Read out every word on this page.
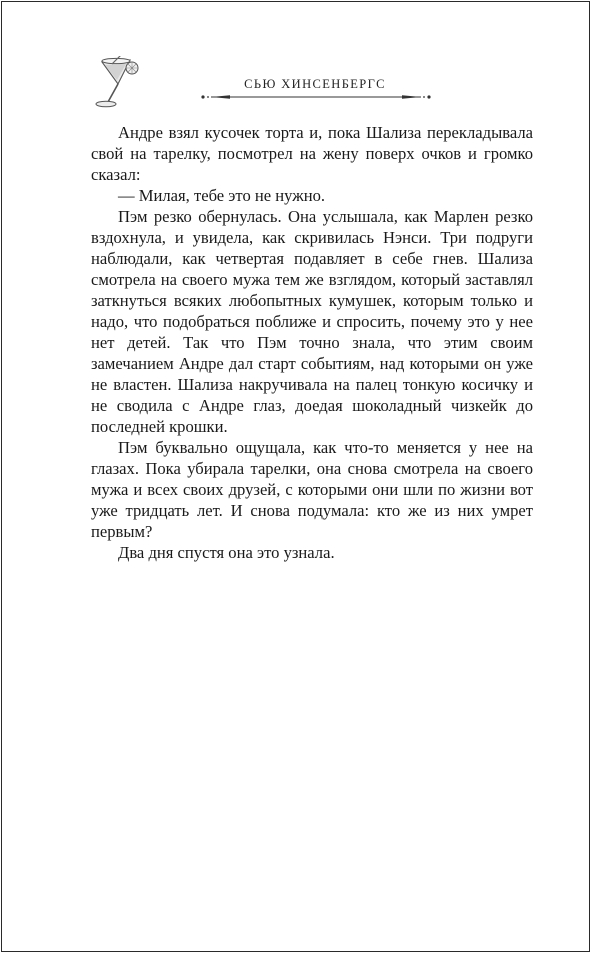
СЬЮ ХИНСЕНБЕРГС

Андре взял кусочек торта и, пока Шализа перекладывала свой на тарелку, посмотрел на жену поверх очков и громко сказал:

— Милая, тебе это не нужно.

Пэм резко обернулась. Она услышала, как Марлен резко вздохнула, и увидела, как скривилась Нэнси. Три подруги наблюдали, как четвертая подавляет в себе гнев. Шализа смотрела на своего мужа тем же взглядом, который заставлял заткнуться всяких любопытных кумушек, которым только и надо, что подобраться поближе и спросить, почему это у нее нет детей. Так что Пэм точно знала, что этим своим замечанием Андре дал старт событиям, над которыми он уже не властен. Шализа накручивала на палец тонкую косичку и не сводила с Андре глаз, доедая шоколадный чизкейк до последней крошки.

Пэм буквально ощущала, как что-то меняется у нее на глазах. Пока убирала тарелки, она снова смотрела на своего мужа и всех своих друзей, с которыми они шли по жизни вот уже тридцать лет. И снова подумала: кто же из них умрет первым?

Два дня спустя она это узнала.
